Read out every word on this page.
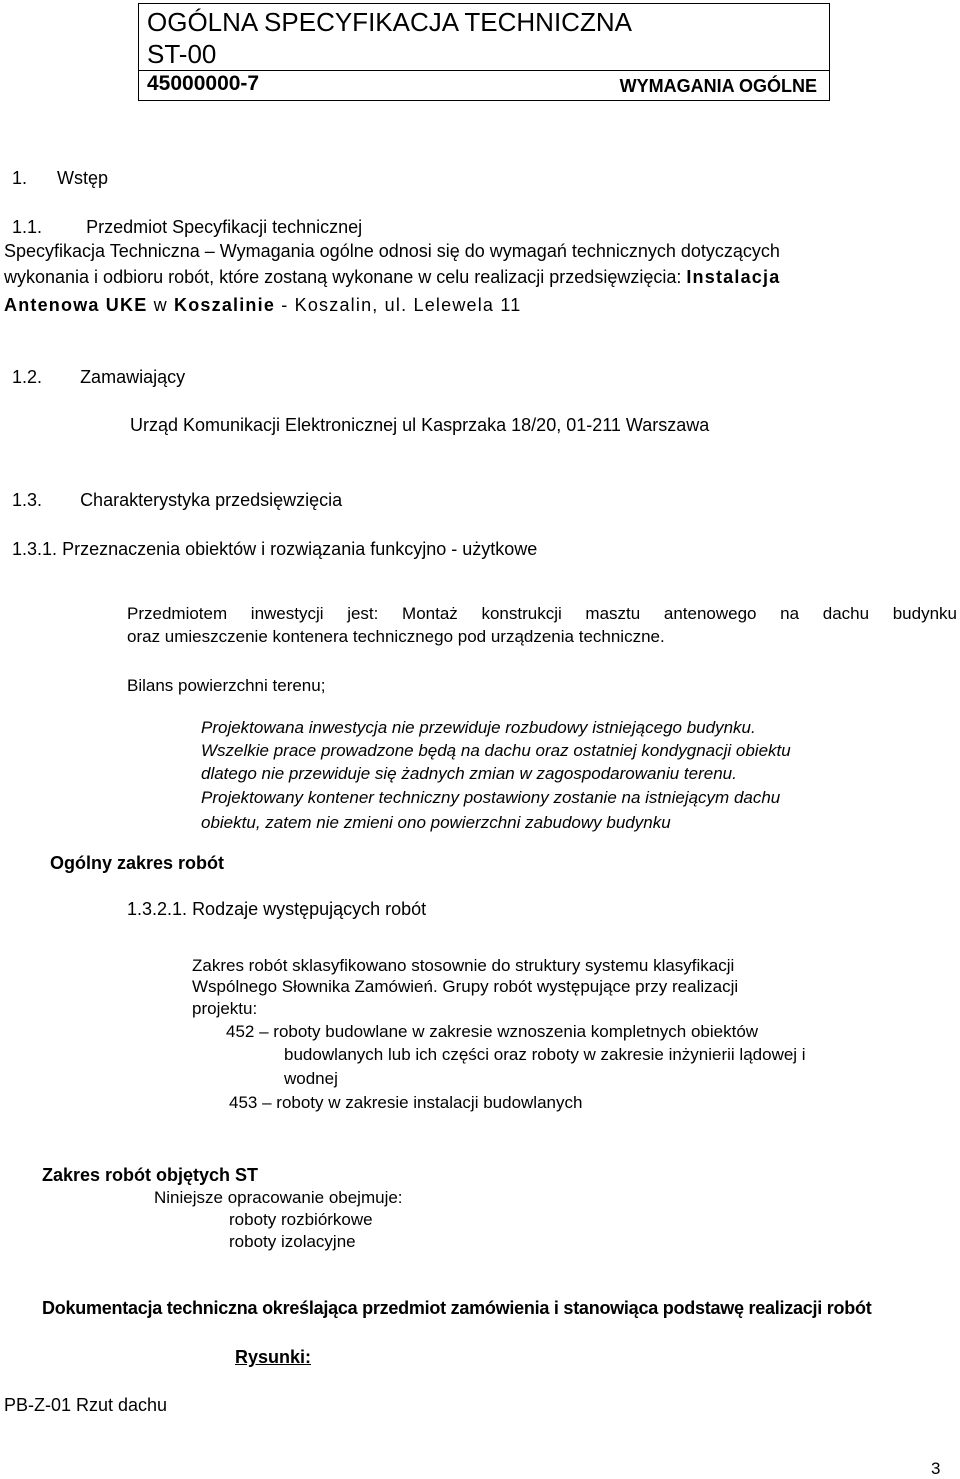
OGÓLNA SPECYFIKACJA TECHNICZNA
ST-00
45000000-7	WYMAGANIA OGÓLNE
1. Wstęp
1.1. Przedmiot Specyfikacji technicznej
Specyfikacja Techniczna – Wymagania ogólne odnosi się do wymagań technicznych dotyczących
wykonania i odbioru robót, które zostaną wykonane w celu realizacji przedsięwzięcia: Instalacja
Antenowa UKE w Koszalinie - Koszalin, ul. Lelewela 11
1.2. Zamawiający
Urząd Komunikacji Elektronicznej ul Kasprzaka 18/20, 01-211 Warszawa
1.3. Charakterystyka przedsięwzięcia
1.3.1. Przeznaczenia obiektów i rozwiązania funkcyjno - użytkowe
Przedmiotem inwestycji jest: Montaż konstrukcji masztu antenowego na dachu budynku
oraz umieszczenie kontenera technicznego pod urządzenia techniczne.
Bilans powierzchni terenu;
Projektowana inwestycja nie przewiduje rozbudowy istniejącego budynku.
Wszelkie prace prowadzone będą na dachu oraz ostatniej kondygnacji obiektu
dlatego nie przewiduje się żadnych zmian w zagospodarowaniu terenu.
Projektowany kontener techniczny postawiony zostanie na istniejącym dachu
obiektu, zatem nie zmieni ono powierzchni zabudowy budynku
Ogólny zakres robót
1.3.2.1. Rodzaje występujących robót
Zakres robót sklasyfikowano stosownie do struktury systemu klasyfikacji
Wspólnego Słownika Zamówień. Grupy robót występujące przy realizacji
projektu:
452 – roboty budowlane w zakresie wznoszenia kompletnych obiektów
budowlanych lub ich części oraz roboty w zakresie inżynierii lądowej i
wodnej
453 – roboty w zakresie instalacji budowlanych
Zakres robót objętych ST
Niniejsze opracowanie obejmuje:
roboty rozbiórkowe
roboty izolacyjne
Dokumentacja techniczna określająca przedmiot zamówienia i stanowiąca podstawę realizacji robót
Rysunki:
PB-Z-01 Rzut dachu
3
